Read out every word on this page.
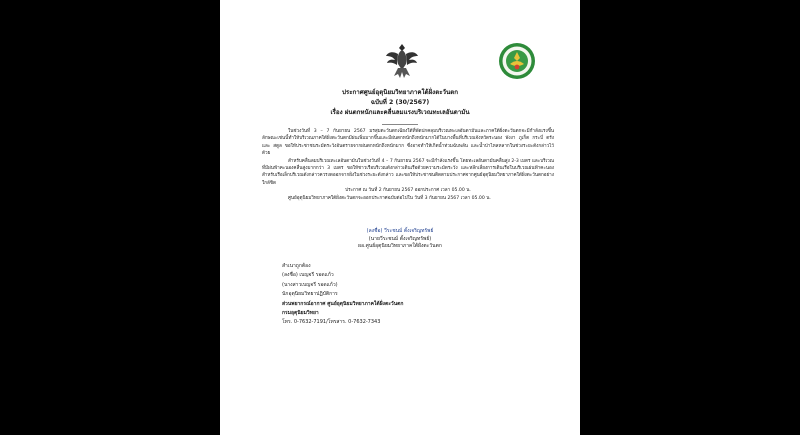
ประกาศศูนย์อุตุนิยมวิทยาภาคใต้ฝั่งตะวันตก
ฉบับที่ 2 (30/2567)
เรื่อง ฝนตกหนักและคลื่นลมแรงบริเวณทะเลอันดามัน

ในช่วงวันที่ 3 – 7 กันยายน 2567 มรสุมตะวันตกเฉียงใต้ที่พัดปกคลุมบริเวณทะเลอันดามันและภาคใต้ฝั่งตะวันตกจะมีกำลังแรงขึ้น ลักษณะเช่นนี้ทำให้บริเวณภาคใต้ฝั่งตะวันตกมีฝนเพิ่มมากขึ้นและมีฝนตกหนักถึงหนักมากได้ในบางพื้นที่บริเวณจังหวัดระนอง พังงา ภูเก็ต กระบี่ ตรัง และ สตูล ขอให้ประชาชนระมัดระวังอันตรายจากฝนตกหนักถึงหนักมาก ซึ่งอาจทำให้เกิดน้ำท่วมฉับพลัน และน้ำป่าไหลหลากในช่วงระยะดังกล่าวไว้ด้วย

สำหรับคลื่นลมบริเวณทะเลอันดามันในช่วงวันที่ 4 – 7 กันยายน 2567 จะมีกำลังแรงขึ้น โดยทะเลอันดามันคลื่นสูง 2-3 เมตร และบริเวณที่มีฝนฟ้าคะนองคลื่นสูงมากกว่า 3 เมตร ขอให้ชาวเรือบริเวณดังกล่าวเดินเรือด้วยความระมัดระวัง และหลีกเลี่ยงการเดินเรือในบริเวณฝนฟ้าคะนอง สำหรับเรือเล็กบริเวณดังกล่าวควรงดออกจากฝั่งในช่วงระยะดังกล่าว และขอให้ประชาชนติดตามประกาศจากศูนย์อุตุนิยมวิทยาภาคใต้ฝั่งตะวันตกอย่างใกล้ชิด

ประกาศ ณ วันที่ 2 กันยายน 2567 ออกประกาศ เวลา 05.00 น.

ศูนย์อุตุนิยมวิทยาภาคใต้ฝั่งตะวันตกจะออกประกาศฉบับต่อไปใน วันที่ 3 กันยายน 2567 เวลา 05.00 น.

(ลงชื่อ) วีระชนม์ ตั้งเจริญทรัพย์
(นายวีระชนม์ ตั้งเจริญทรัพย์)
ผอ.ศูนย์อุตุนิยมวิทยาภาคใต้ฝั่งตะวันตก
สำเนาถูกต้อง
(ลงชื่อ) เบญจรี รอดแก้ว
(นางสาวเบญจรี รอดแก้ว)
นักอุตุนิยมวิทยาปฏิบัติการ
ส่วนพยากรณ์อากาศ ศูนย์อุตุนิยมวิทยาภาคใต้ฝั่งตะวันตก
กรมอุตุนิยมวิทยา
โทร. 0-7632-7191/โทรสาร. 0-7632-7343
